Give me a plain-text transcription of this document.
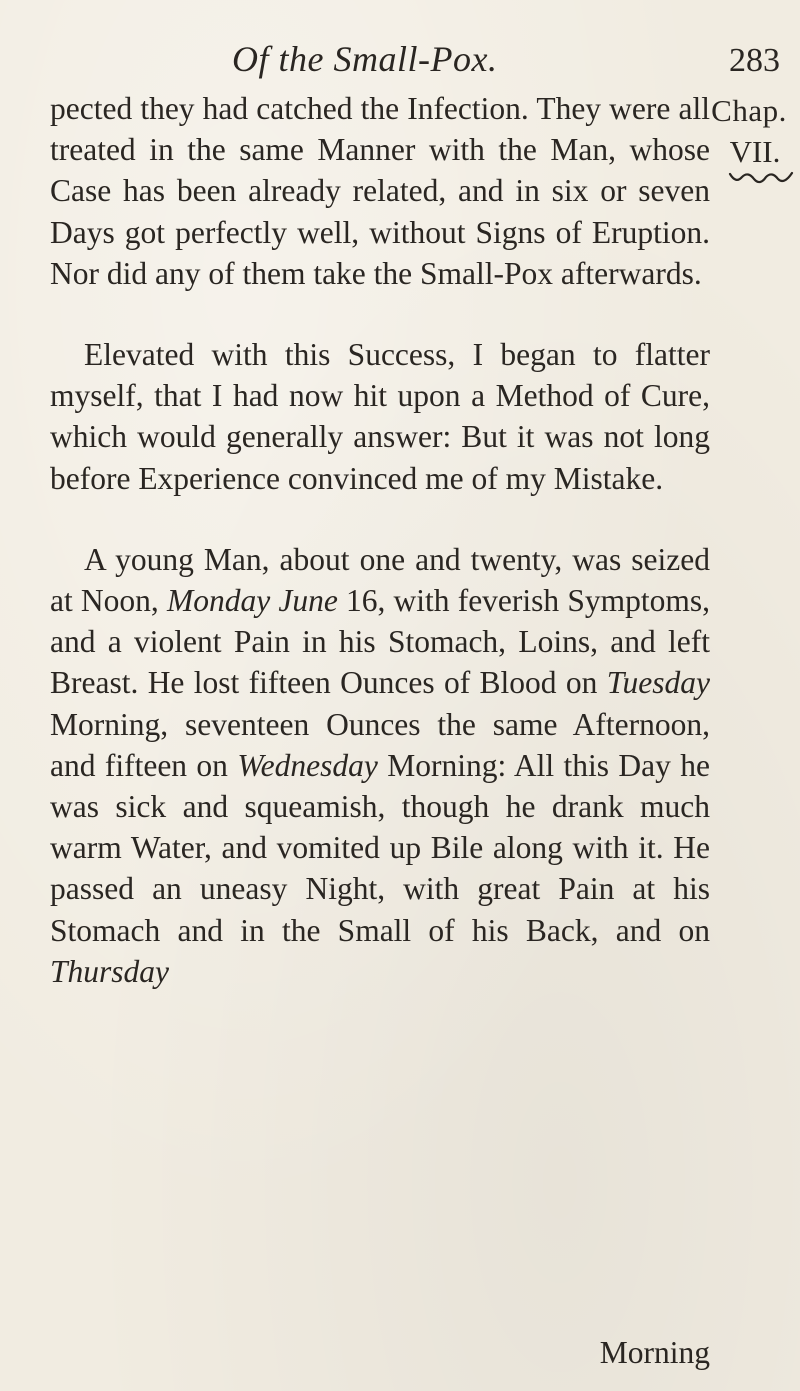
Of the Small-Pox.	283
Chap.
VII.

pected they had catched the Infection. They were all treated in the same Manner with the Man, whose Case has been already related, and in six or seven Days got perfectly well, without Signs of Eruption. Nor did any of them take the Small-Pox afterwards.

Elevated with this Success, I began to flatter myself, that I had now hit upon a Method of Cure, which would generally answer: But it was not long before Experience convinced me of my Mistake.

A young Man, about one and twenty, was seized at Noon, Monday June 16, with feverish Symptoms, and a violent Pain in his Stomach, Loins, and left Breast. He lost fifteen Ounces of Blood on Tuesday Morning, seventeen Ounces the same Afternoon, and fifteen on Wednesday Morning: All this Day he was sick and squeamish, though he drank much warm Water, and vomited up Bile along with it. He passed an uneasy Night, with great Pain at his Stomach and in the Small of his Back, and on Thursday

Morning
